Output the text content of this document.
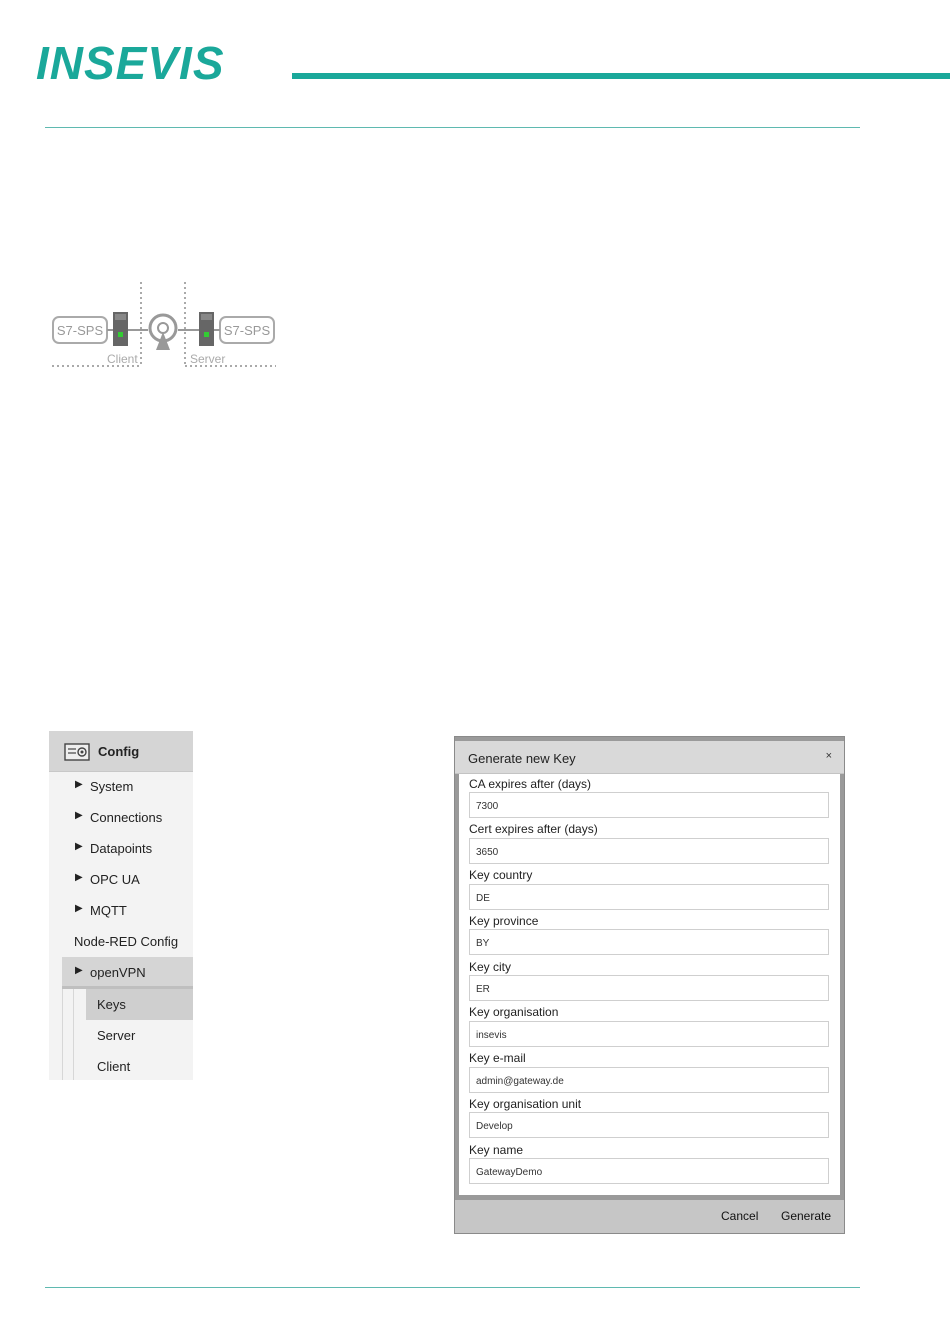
INSEVIS
S7-SPS	S7-SPS
Client	Server
Config
▶ System
▶ Connections
▶ Datapoints
▶ OPC UA
▶ MQTT
Node-RED Config
▶ openVPN
Keys
Server
Client
Generate new Key	×
CA expires after (days)
7300
Cert expires after (days)
3650
Key country
DE
Key province
BY
Key city
ER
Key organisation
insevis
Key e-mail
admin@gateway.de
Key organisation unit
Develop
Key name
GatewayDemo
Cancel Generate
